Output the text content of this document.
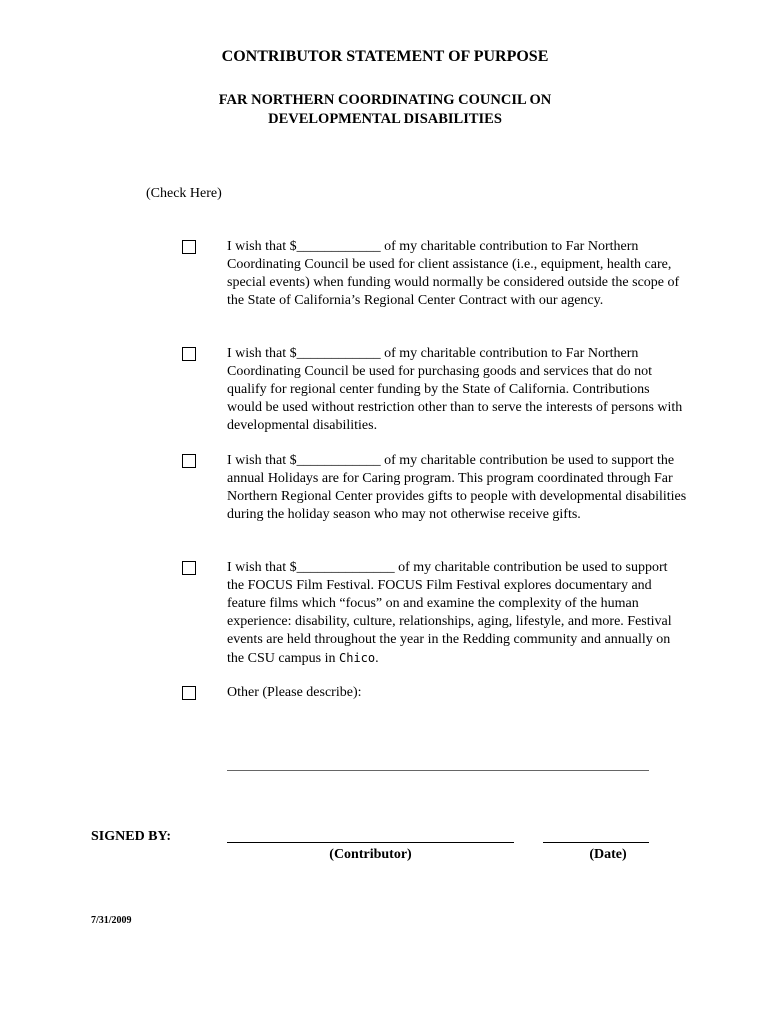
CONTRIBUTOR STATEMENT OF PURPOSE
FAR NORTHERN COORDINATING COUNCIL ON
DEVELOPMENTAL DISABILITIES
(Check Here)

I wish that $____________ of my charitable contribution to Far Northern Coordinating Council be used for client assistance (i.e., equipment, health care, special events) when funding would normally be considered outside the scope of the State of California’s Regional Center Contract with our agency.

I wish that $____________ of my charitable contribution to Far Northern Coordinating Council be used for purchasing goods and services that do not qualify for regional center funding by the State of California. Contributions would be used without restriction other than to serve the interests of persons with developmental disabilities.

I wish that $____________ of my charitable contribution be used to support the annual Holidays are for Caring program. This program coordinated through Far Northern Regional Center provides gifts to people with developmental disabilities during the holiday season who may not otherwise receive gifts.

I wish that $______________ of my charitable contribution be used to support the FOCUS Film Festival. FOCUS Film Festival explores documentary and feature films which “focus” on and examine the complexity of the human experience: disability, culture, relationships, aging, lifestyle, and more. Festival events are held throughout the year in the Redding community and annually on the CSU campus in Chico.

Other (Please describe):

SIGNED BY:
(Contributor)	(Date)
7/31/2009
